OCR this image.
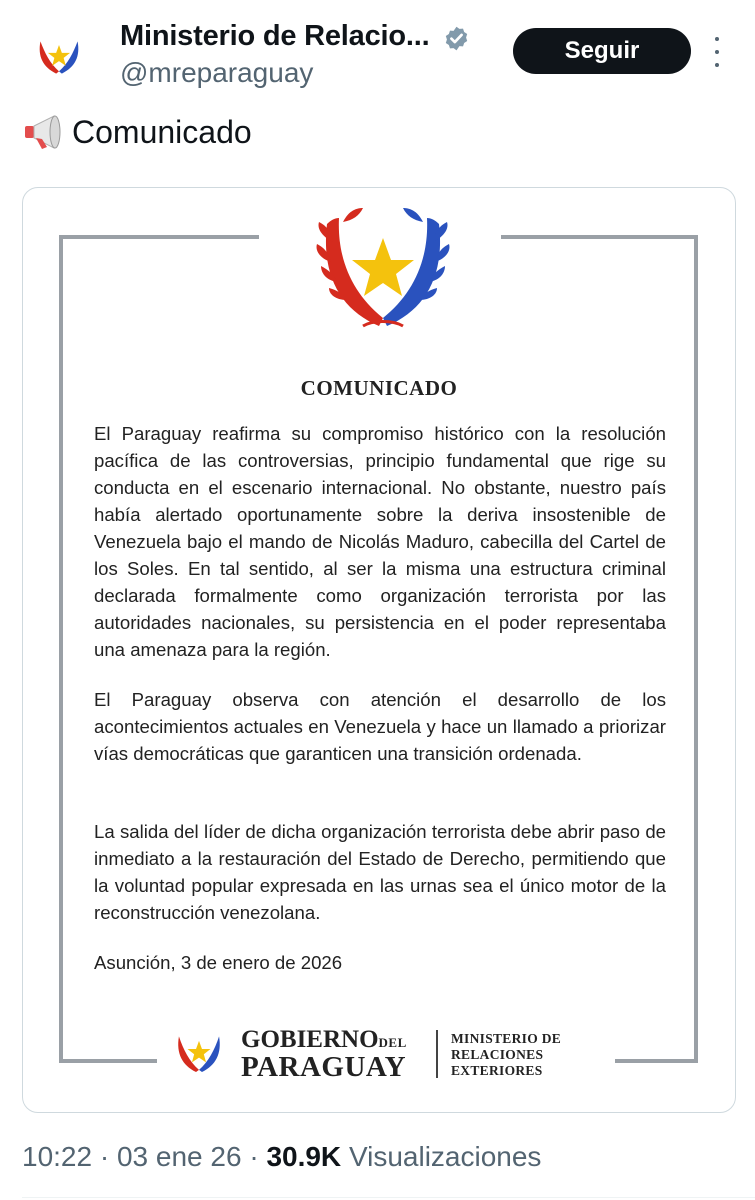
Ministerio de Relacio...
@mreparaguay
Seguir
Comunicado
COMUNICADO

El Paraguay reafirma su compromiso histórico con la resolución pacífica de las controversias, principio fundamental que rige su conducta en el escenario internacional. No obstante, nuestro país había alertado oportunamente sobre la deriva insostenible de Venezuela bajo el mando de Nicolás Maduro, cabecilla del Cartel de los Soles. En tal sentido, al ser la misma una estructura criminal declarada formalmente como organización terrorista por las autoridades nacionales, su persistencia en el poder representaba una amenaza para la región.

El Paraguay observa con atención el desarrollo de los acontecimientos actuales en Venezuela y hace un llamado a priorizar vías democráticas que garanticen una transición ordenada.

La salida del líder de dicha organización terrorista debe abrir paso de inmediato a la restauración del Estado de Derecho, permitiendo que la voluntad popular expresada en las urnas sea el único motor de la reconstrucción venezolana.

Asunción, 3 de enero de 2026
GOBIERNODEL
PARAGUAY
MINISTERIO DE
RELACIONES
EXTERIORES
10:22 · 03 ene 26 · 30.9K Visualizaciones
